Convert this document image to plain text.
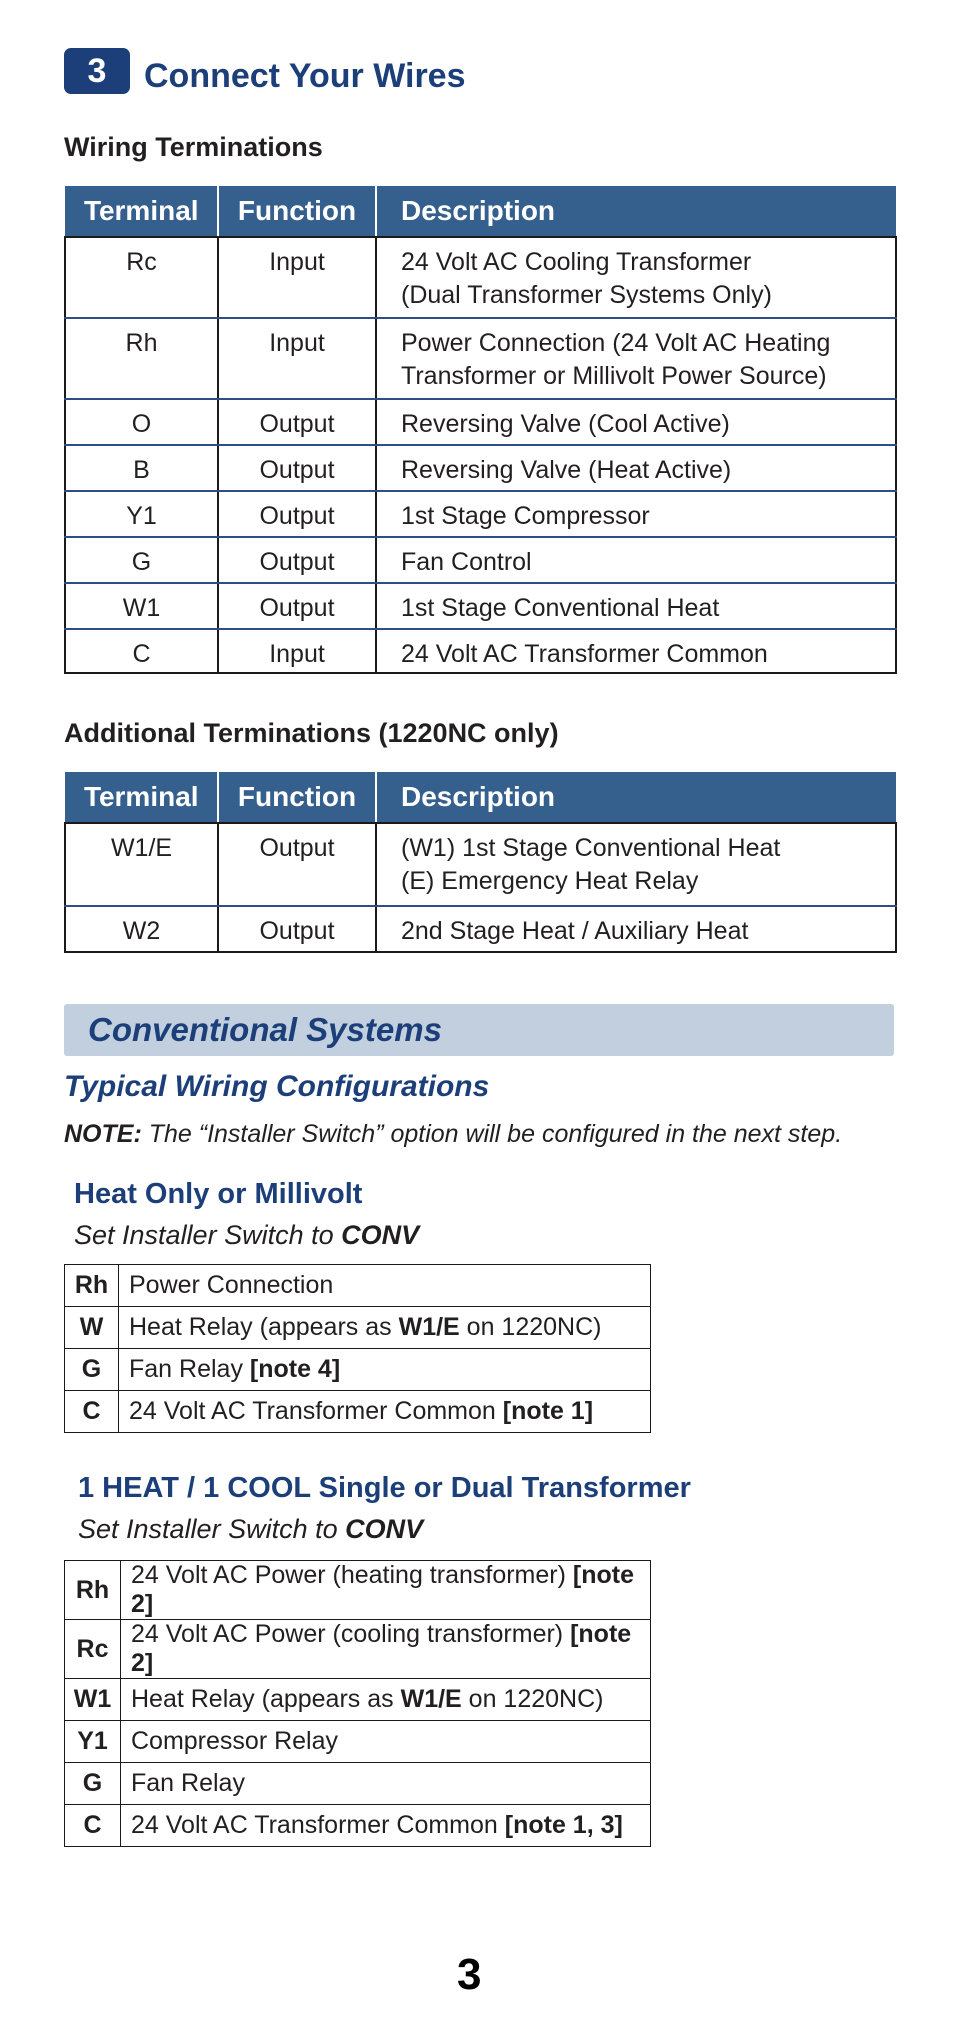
3	Connect Your Wires
Wiring Terminations
Terminal	Function	Description
Rc	Input	24 Volt AC Cooling Transformer
(Dual Transformer Systems Only)

Rh	Input	Power Connection (24 Volt AC Heating
Transformer or Millivolt Power Source)

O	Output	Reversing Valve (Cool Active)
B	Output	Reversing Valve (Heat Active)
Y1	Output	1st Stage Compressor
G	Output	Fan Control
W1	Output	1st Stage Conventional Heat
C	Input	24 Volt AC Transformer Common
Additional Terminations (1220NC only)
Terminal	Function	Description
W1/E	Output	(W1) 1st Stage Conventional Heat
(E) Emergency Heat Relay

W2	Output	2nd Stage Heat / Auxiliary Heat
Conventional Systems
Typical Wiring Configurations
NOTE: The “Installer Switch” option will be configured in the next step.
Heat Only or Millivolt
Set Installer Switch to CONV
Rh	Power Connection
W	Heat Relay (appears as W1/E on 1220NC)
G	Fan Relay [note 4]
C	24 Volt AC Transformer Common [note 1]
1 HEAT / 1 COOL Single or Dual Transformer
Set Installer Switch to CONV
Rh	24 Volt AC Power (heating transformer) [note 2]
Rc	24 Volt AC Power (cooling transformer) [note 2]
W1	Heat Relay (appears as W1/E on 1220NC)
Y1	Compressor Relay
G	Fan Relay
C	24 Volt AC Transformer Common [note 1, 3]
3
